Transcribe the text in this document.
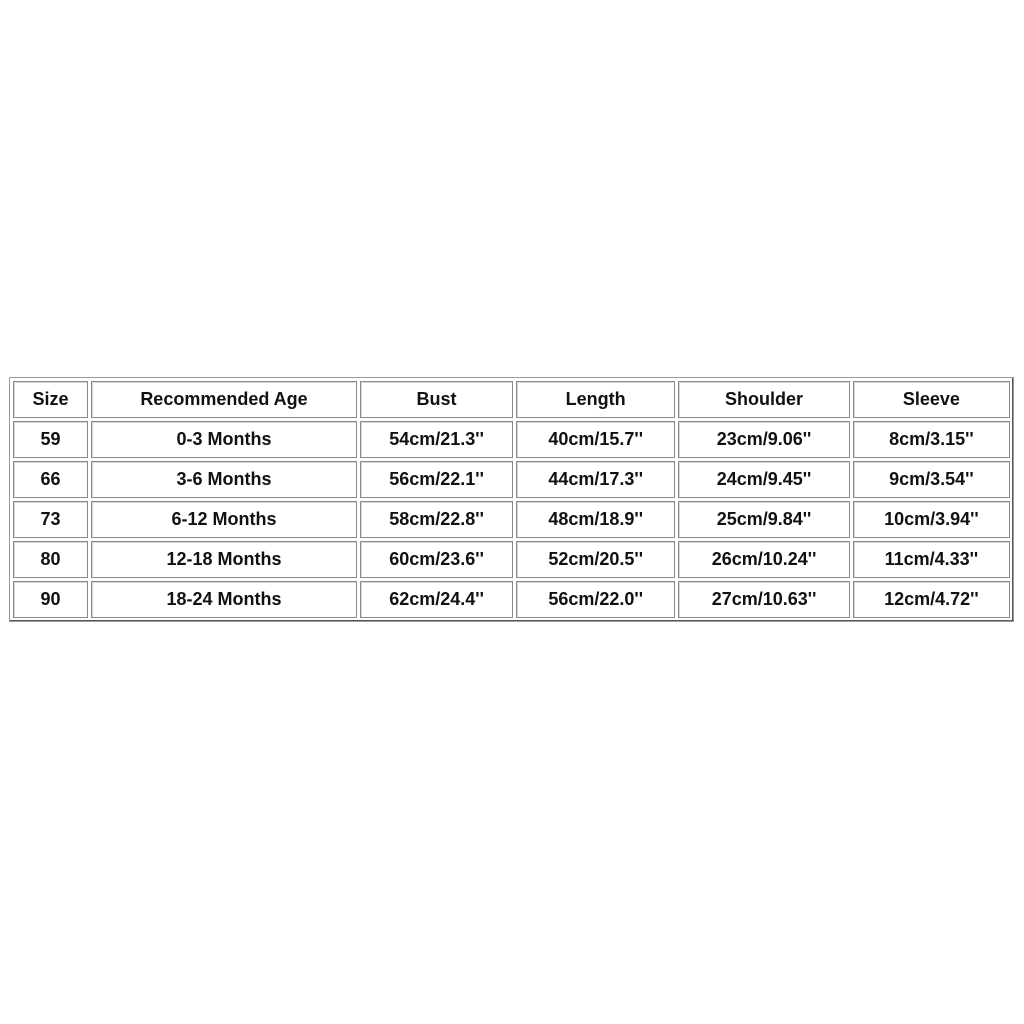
Size	Recommended Age	Bust	Length	Shoulder	Sleeve
59	0-3 Months	54cm/21.3''	40cm/15.7''	23cm/9.06''	8cm/3.15''
66	3-6 Months	56cm/22.1''	44cm/17.3''	24cm/9.45''	9cm/3.54''
73	6-12 Months	58cm/22.8''	48cm/18.9''	25cm/9.84''	10cm/3.94''
80	12-18 Months	60cm/23.6''	52cm/20.5''	26cm/10.24''	11cm/4.33''
90	18-24 Months	62cm/24.4''	56cm/22.0''	27cm/10.63''	12cm/4.72''
